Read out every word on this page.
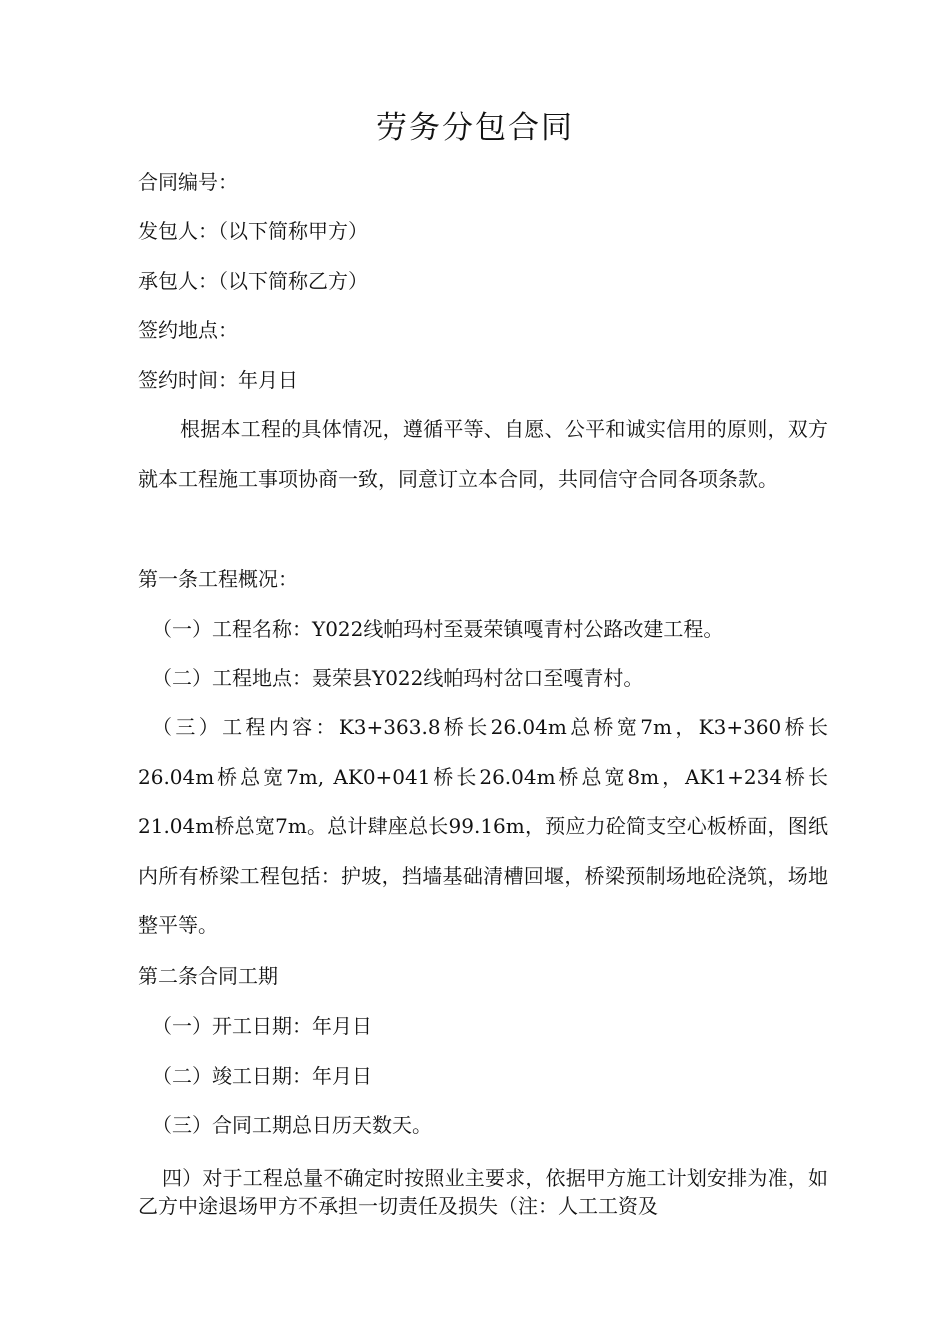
劳务分包合同
合同编号：
发包人：（以下简称甲方）
承包人：（以下简称乙方）
签约地点：
签约时间：年月日
根据本工程的具体情况，遵循平等、自愿、公平和诚实信用的原则，双方就本工程施工事项协商一致，同意订立本合同，共同信守合同各项条款。
第一条工程概况：
（一）工程名称：Y022线帕玛村至聂荣镇嘎青村公路改建工程。
（二）工程地点：聂荣县Y022线帕玛村岔口至嘎青村。
（三）工程内容：K3+363.8桥长26.04m总桥宽7m，K3+360桥长26.04m桥总宽7m, AK0+041桥长26.04m桥总宽8m，AK1+234桥长21.04m桥总宽7m。总计肆座总长99.16m，预应力砼简支空心板桥面，图纸内所有桥梁工程包括：护坡，挡墙基础清槽回堰，桥梁预制场地砼浇筑，场地整平等。
第二条合同工期
（一）开工日期：年月日
（二）竣工日期：年月日
（三）合同工期总日历天数天。
四）对于工程总量不确定时按照业主要求，依据甲方施工计划安排为准，如乙方中途退场甲方不承担一切责任及损失（注：人工工资及
